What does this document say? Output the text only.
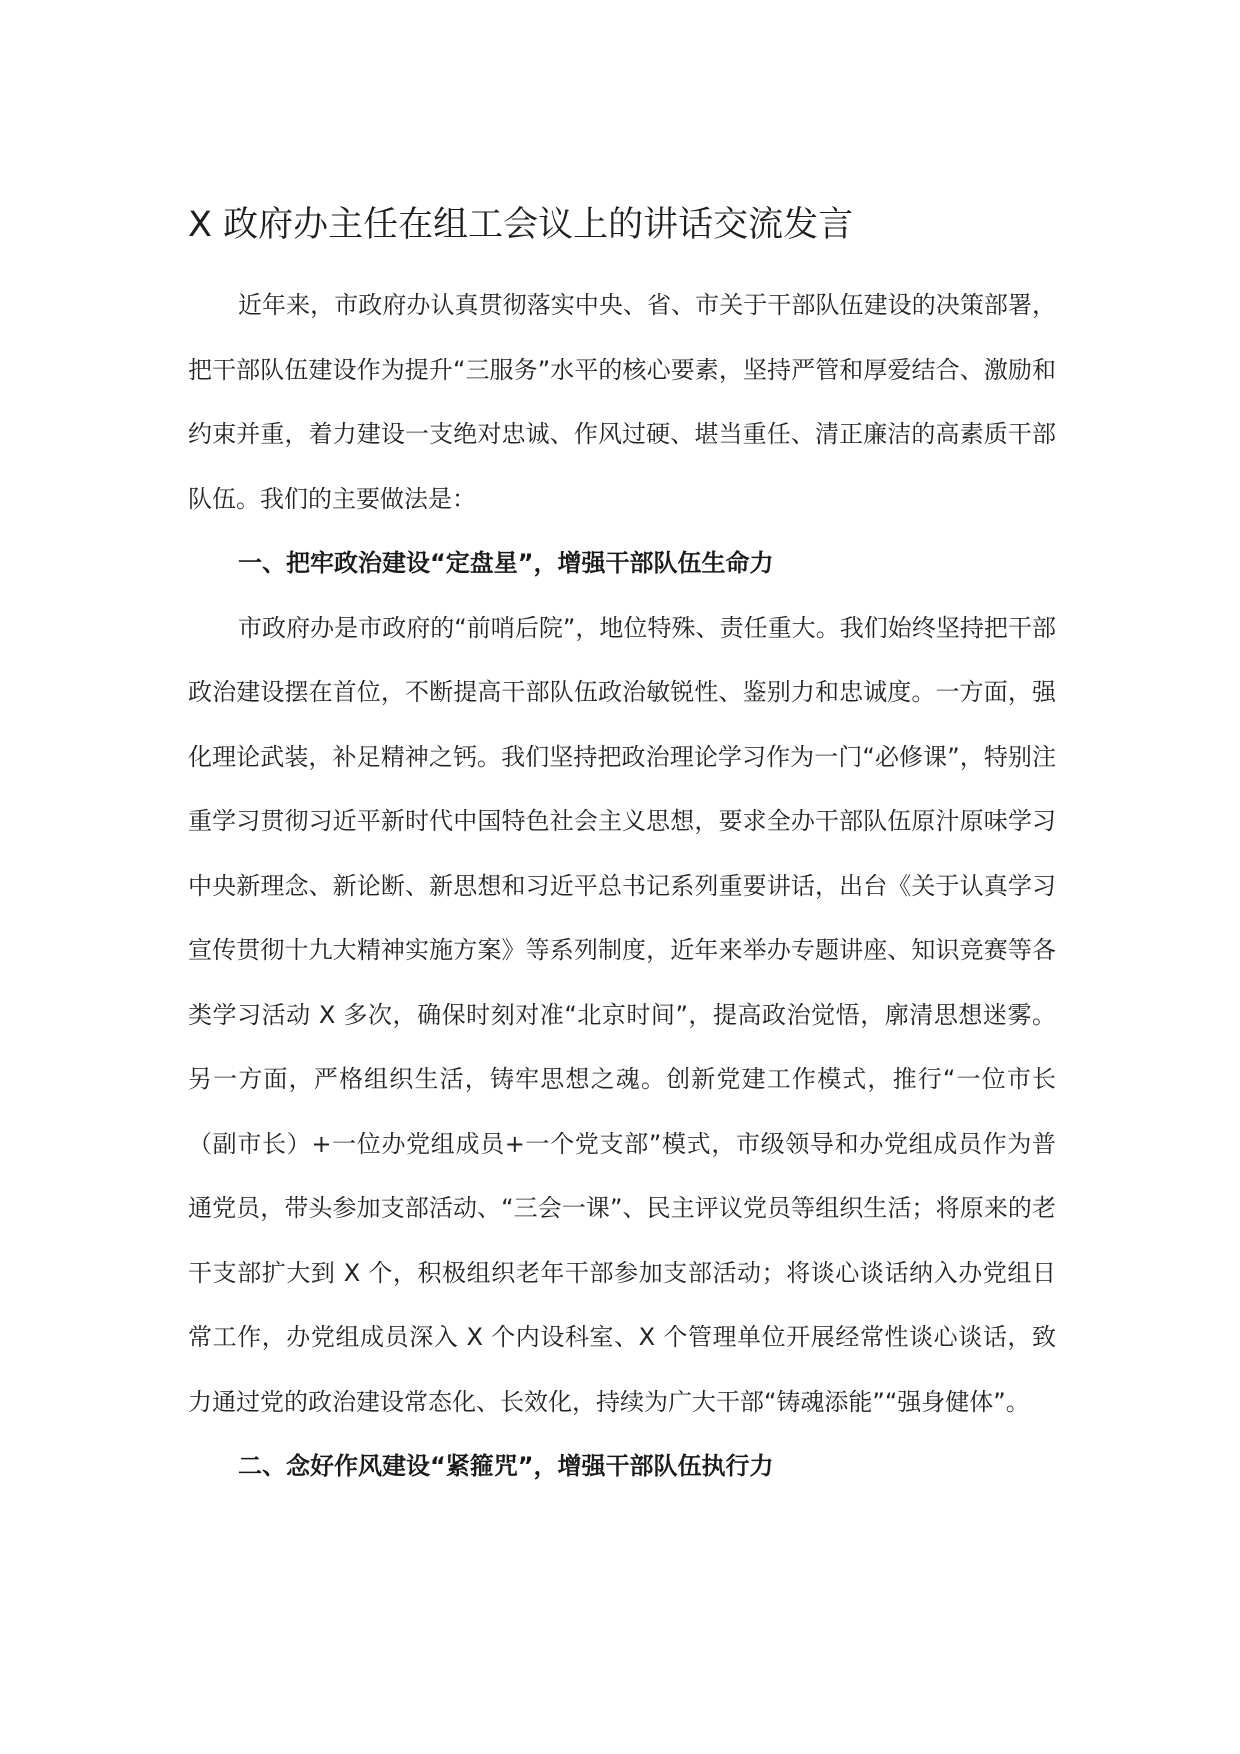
X 政府办主任在组工会议上的讲话交流发言

近年来，市政府办认真贯彻落实中央、省、市关于干部队伍建设的决策部署，把干部队伍建设作为提升“三服务”水平的核心要素，坚持严管和厚爱结合、激励和约束并重，着力建设一支绝对忠诚、作风过硬、堪当重任、清正廉洁的高素质干部队伍。我们的主要做法是：

一、把牢政治建设“定盘星”，增强干部队伍生命力

市政府办是市政府的“前哨后院”，地位特殊、责任重大。我们始终坚持把干部政治建设摆在首位，不断提高干部队伍政治敏锐性、鉴别力和忠诚度。一方面，强化理论武装，补足精神之钙。我们坚持把政治理论学习作为一门“必修课”，特别注重学习贯彻习近平新时代中国特色社会主义思想，要求全办干部队伍原汁原味学习中央新理念、新论断、新思想和习近平总书记系列重要讲话，出台《关于认真学习宣传贯彻十九大精神实施方案》等系列制度，近年来举办专题讲座、知识竞赛等各类学习活动 X 多次，确保时刻对准“北京时间”，提高政治觉悟，廓清思想迷雾。另一方面，严格组织生活，铸牢思想之魂。创新党建工作模式，推行“一位市长（副市长）+一位办党组成员+一个党支部”模式，市级领导和办党组成员作为普通党员，带头参加支部活动、“三会一课”、民主评议党员等组织生活；将原来的老干支部扩大到 X 个，积极组织老年干部参加支部活动；将谈心谈话纳入办党组日常工作，办党组成员深入 X 个内设科室、X 个管理单位开展经常性谈心谈话，致力通过党的政治建设常态化、长效化，持续为广大干部“铸魂添能”“强身健体”。

二、念好作风建设“紧箍咒”，增强干部队伍执行力
